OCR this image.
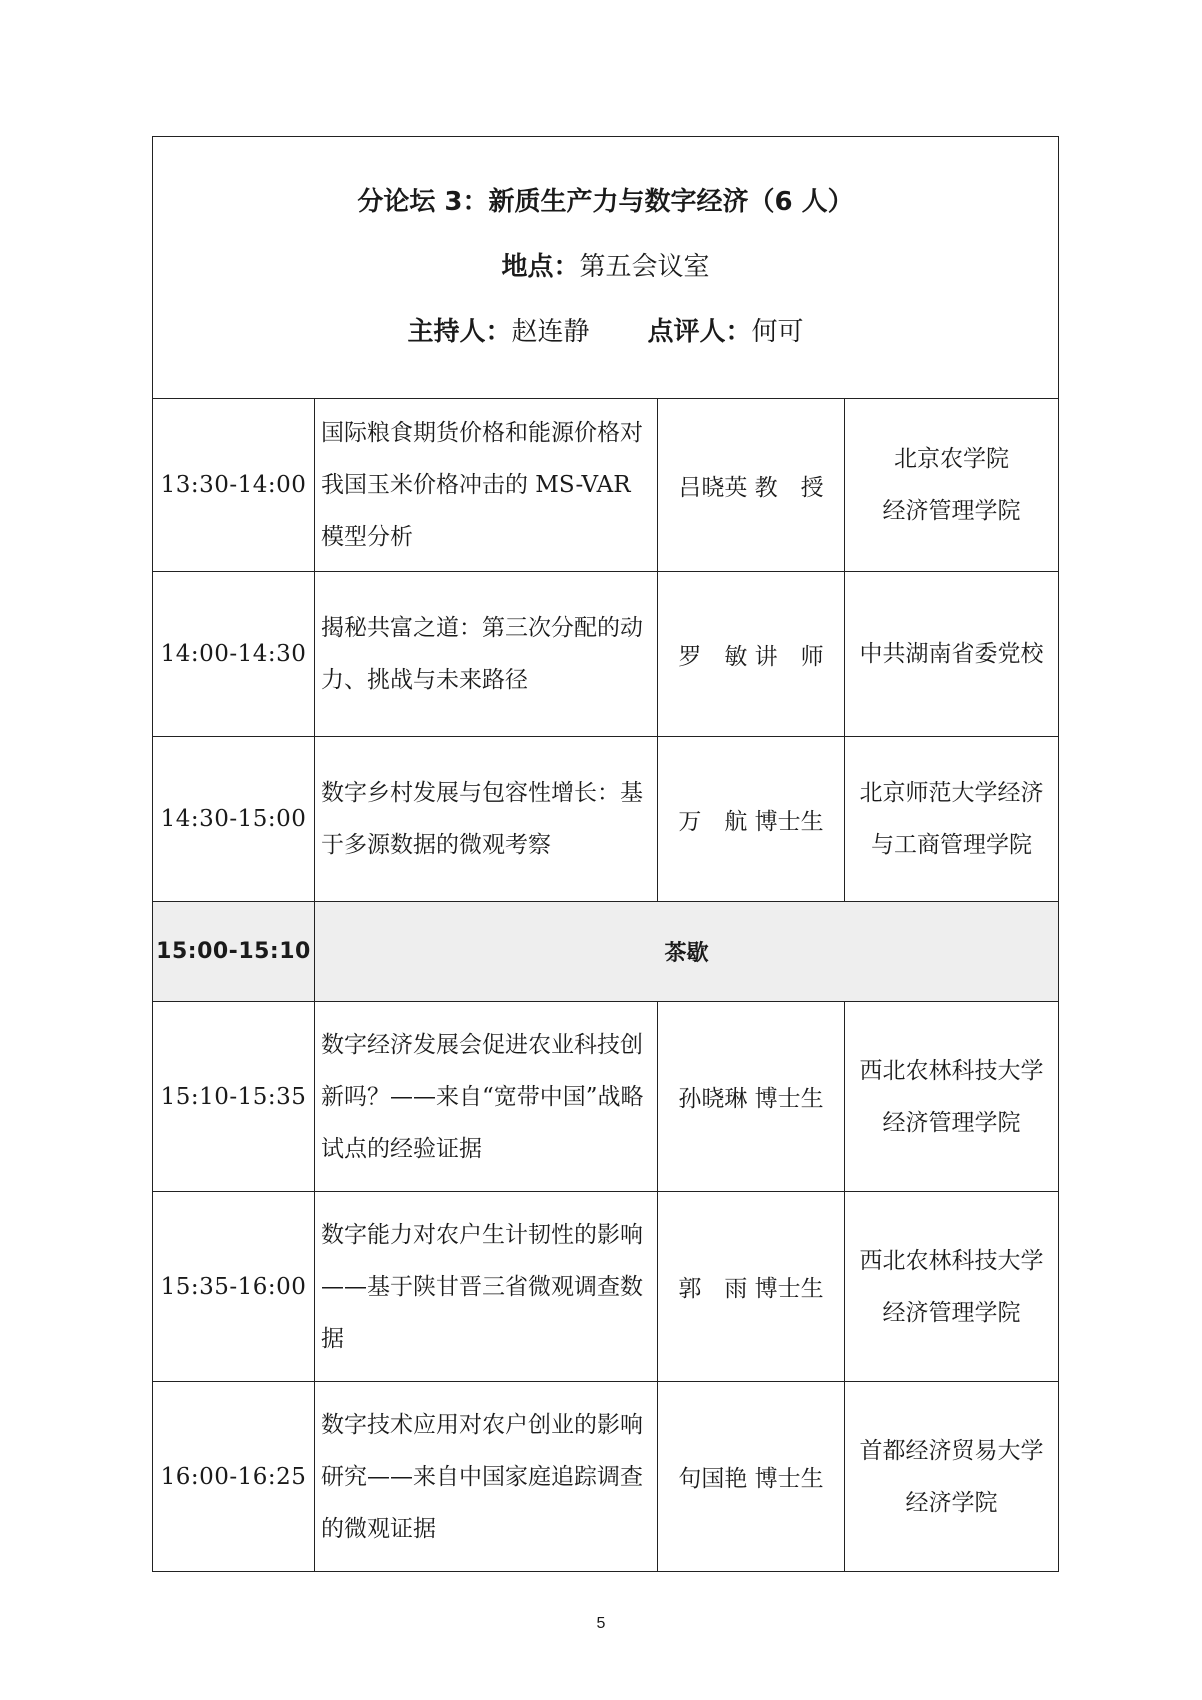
分论坛 3：新质生产力与数字经济（6 人）

地点：第五会议室

主持人：赵连静 点评人：何可			

13:30-14:00	国际粮食期货价格和能源价格对我国玉米价格冲击的 MS-VAR 模型分析	吕晓英 教　授	北京农学院
经济管理学院

14:00-14:30	揭秘共富之道：第三次分配的动力、挑战与未来路径	罗　敏 讲　师	中共湖南省委党校

14:30-15:00	数字乡村发展与包容性增长：基于多源数据的微观考察	万　航 博士生	北京师范大学经济
与工商管理学院

15:00-15:10	茶歇		
15:10-15:35	数字经济发展会促进农业科技创新吗？——来自“宽带中国”战略试点的经验证据	孙晓琳 博士生	西北农林科技大学
经济管理学院

15:35-16:00	数字能力对农户生计韧性的影响——基于陕甘晋三省微观调查数据	郭　雨 博士生	西北农林科技大学
经济管理学院

16:00-16:25	数字技术应用对农户创业的影响研究——来自中国家庭追踪调查的微观证据	句国艳 博士生	首都经济贸易大学
经济学院
5
